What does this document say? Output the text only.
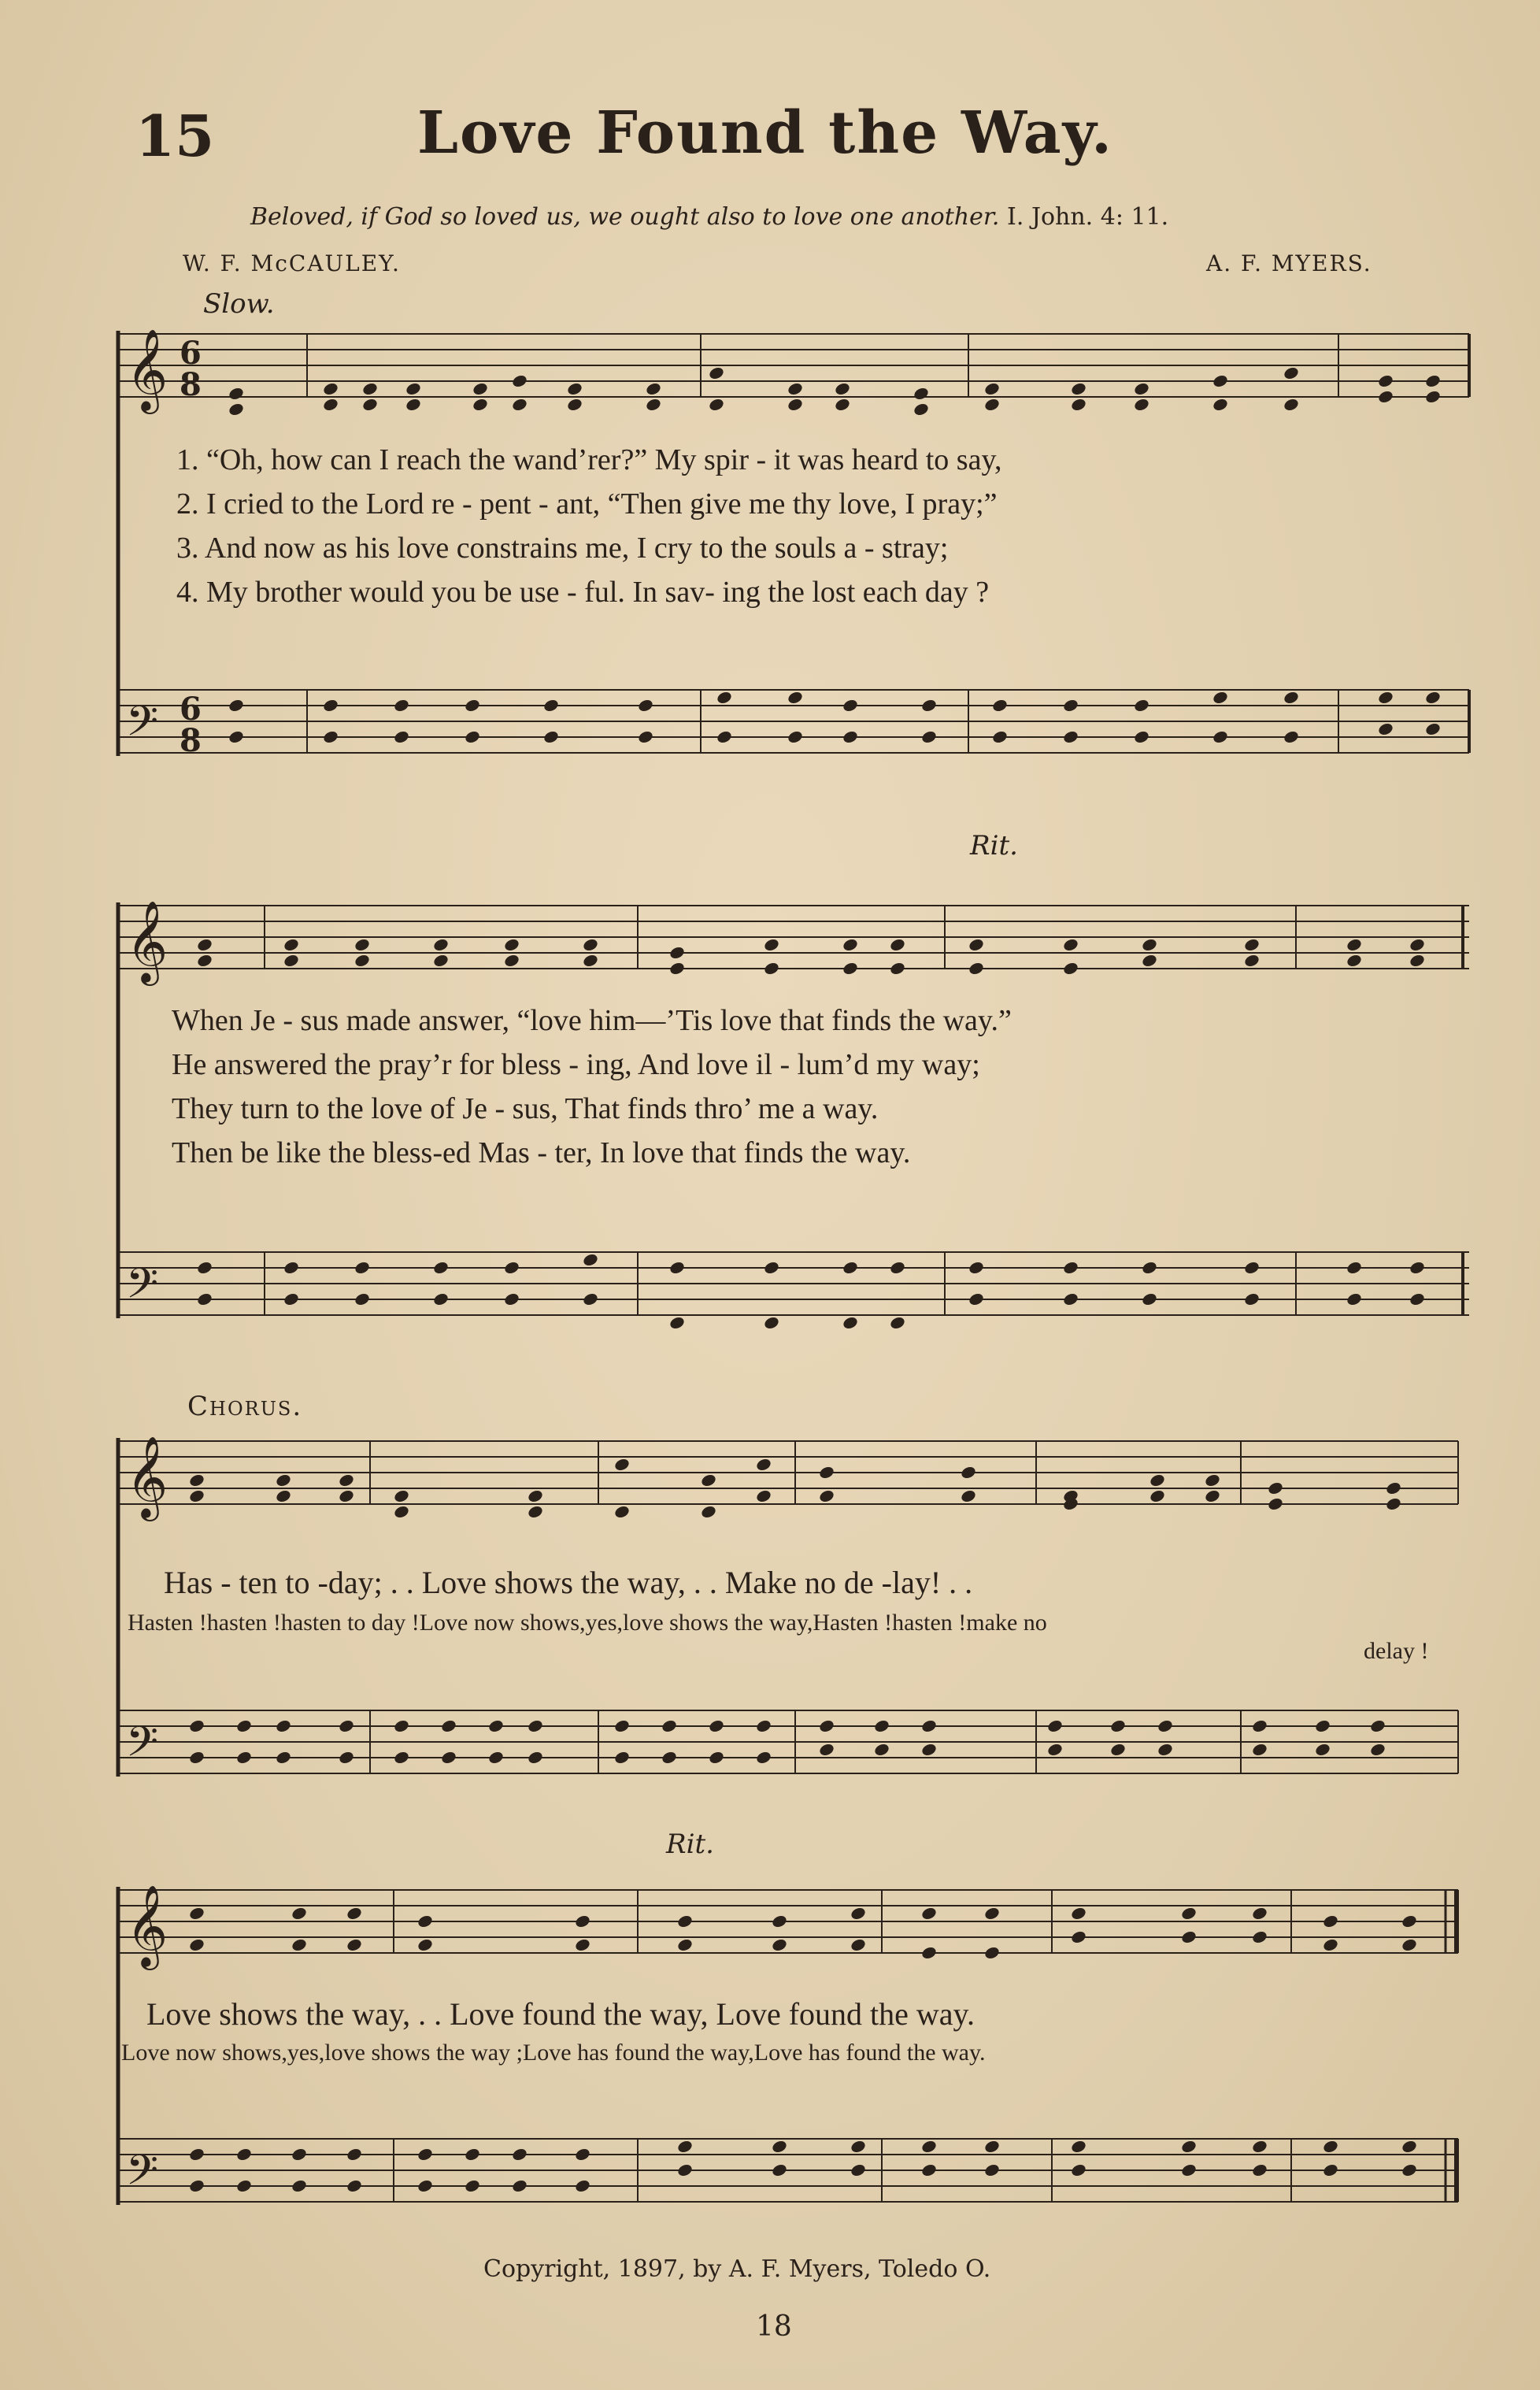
𝄞 6
8
𝄢 6
8
𝄞
𝄢
𝄞
𝄢
𝄞
𝄢
15	Love Found the Way.
Beloved, if God so loved us, we ought also to love one another. I. John. 4: 11.
W. F. McCAULEY.	A. F. MYERS.
Slow.
1. “Oh, how can I reach the wand’rer?” My spir - it was heard to say,
2. I cried to the Lord re - pent - ant, “Then give me thy love, I pray;”
3. And now as his love constrains me, I cry to the souls a - stray;
4. My brother would you be use - ful. In sav- ing the lost each day ?
Rit.
When Je - sus made answer, “love him—’Tis love that finds the way.”
He answered the pray’r for bless - ing, And love il - lum’d my way;
They turn to the love of Je - sus, That finds thro’ me a way.
Then be like the bless-ed Mas - ter, In love that finds the way.
Chorus.
Has - ten to -day; . . Love shows the way, . . Make no de -lay! . .
Hasten !hasten !hasten to day !Love now shows,yes,love shows the way,Hasten !hasten !make no
delay !
Rit.
Love shows the way, . . Love found the way, Love found the way.
Love now shows,yes,love shows the way ;Love has found the way,Love has found the way.
Copyright, 1897, by A. F. Myers, Toledo O.
18
